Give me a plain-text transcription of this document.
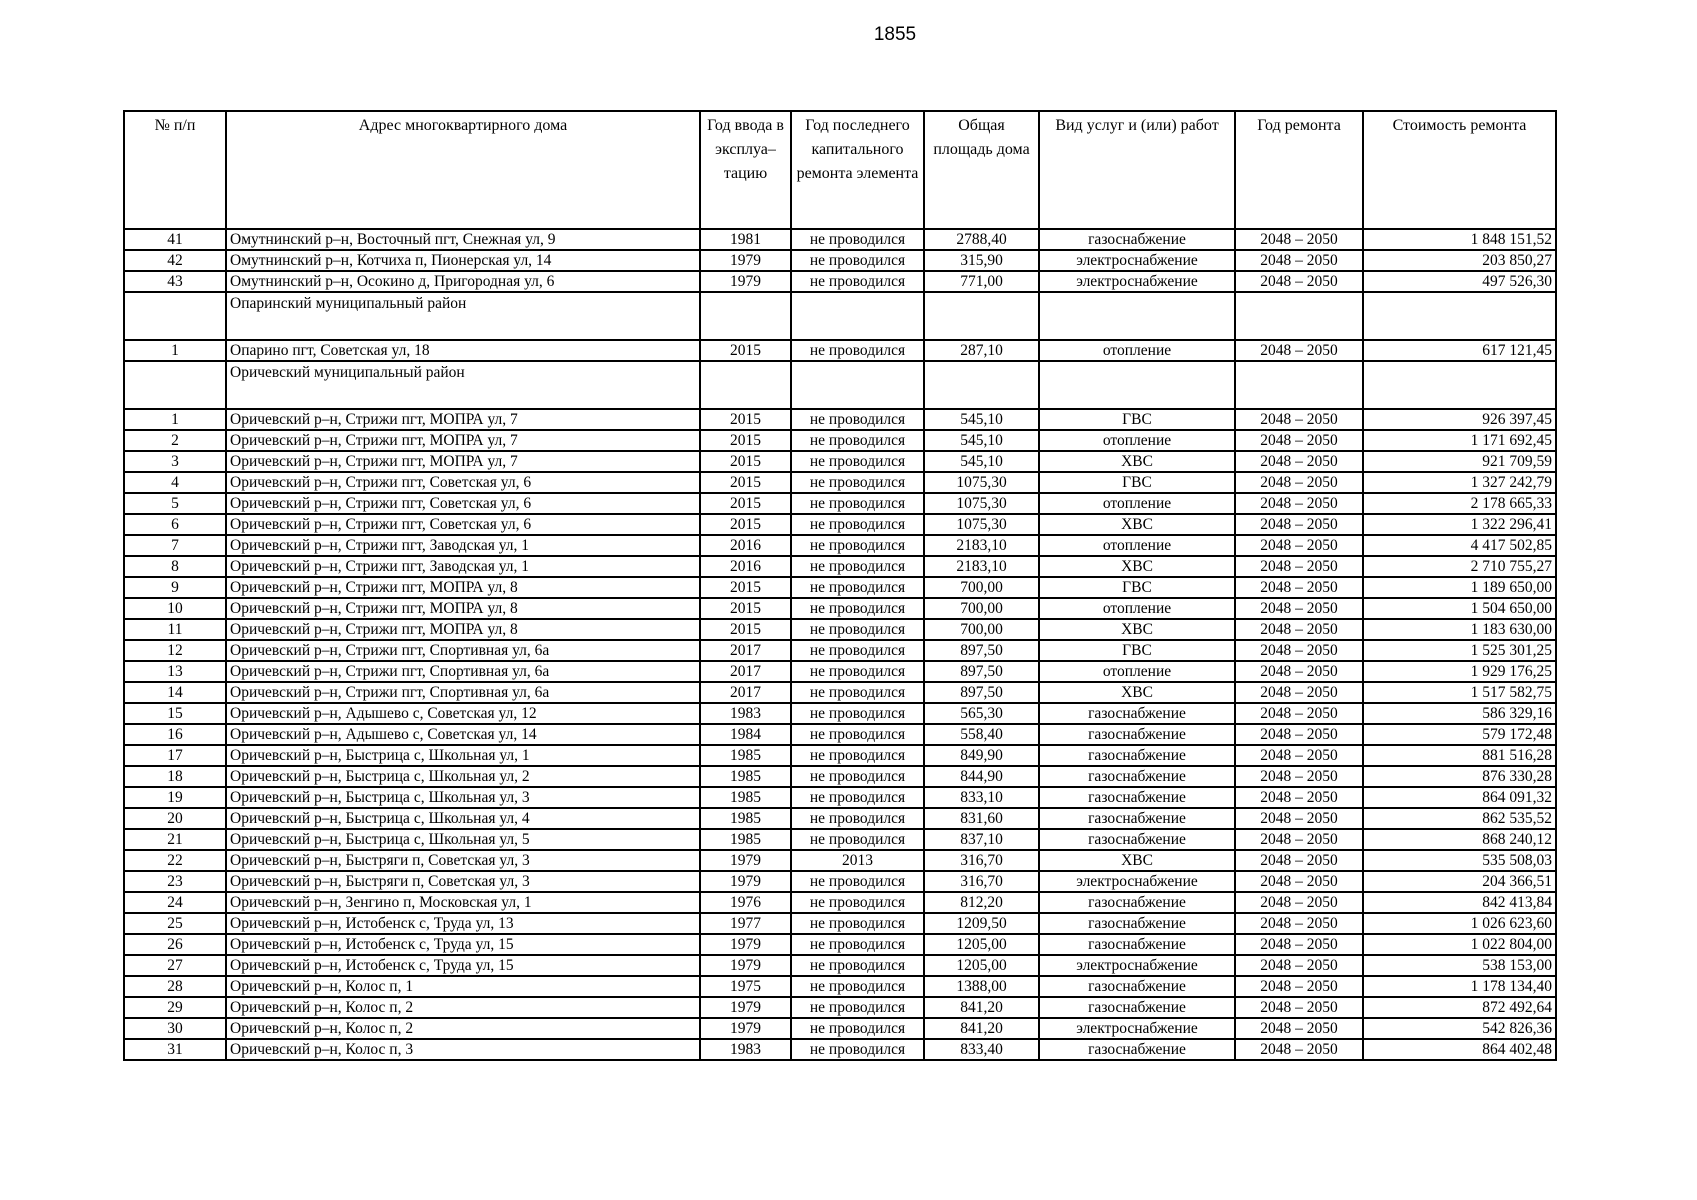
1855
№ п/п	Адрес многоквартирного дома	Год ввода в эксплуа–тацию	Год последнего капитального ремонта элемента	Общая площадь дома	Вид услуг и (или) работ	Год ремонта	Стоимость ремонта
41	Омутнинский р–н, Восточный пгт, Снежная ул, 9	1981	не проводился	2788,40	газоснабжение	2048 – 2050	1 848 151,52
42	Омутнинский р–н, Котчиха п, Пионерская ул, 14	1979	не проводился	315,90	электроснабжение	2048 – 2050	203 850,27
43	Омутнинский р–н, Осокино д, Пригородная ул, 6	1979	не проводился	771,00	электроснабжение	2048 – 2050	497 526,30
	Опаринский муниципальный район						
1	Опарино пгт, Советская ул, 18	2015	не проводился	287,10	отопление	2048 – 2050	617 121,45
	Оричевский муниципальный район						
1	Оричевский р–н, Стрижи пгт, МОПРА ул, 7	2015	не проводился	545,10	ГВС	2048 – 2050	926 397,45
2	Оричевский р–н, Стрижи пгт, МОПРА ул, 7	2015	не проводился	545,10	отопление	2048 – 2050	1 171 692,45
3	Оричевский р–н, Стрижи пгт, МОПРА ул, 7	2015	не проводился	545,10	ХВС	2048 – 2050	921 709,59
4	Оричевский р–н, Стрижи пгт, Советская ул, 6	2015	не проводился	1075,30	ГВС	2048 – 2050	1 327 242,79
5	Оричевский р–н, Стрижи пгт, Советская ул, 6	2015	не проводился	1075,30	отопление	2048 – 2050	2 178 665,33
6	Оричевский р–н, Стрижи пгт, Советская ул, 6	2015	не проводился	1075,30	ХВС	2048 – 2050	1 322 296,41
7	Оричевский р–н, Стрижи пгт, Заводская ул, 1	2016	не проводился	2183,10	отопление	2048 – 2050	4 417 502,85
8	Оричевский р–н, Стрижи пгт, Заводская ул, 1	2016	не проводился	2183,10	ХВС	2048 – 2050	2 710 755,27
9	Оричевский р–н, Стрижи пгт, МОПРА ул, 8	2015	не проводился	700,00	ГВС	2048 – 2050	1 189 650,00
10	Оричевский р–н, Стрижи пгт, МОПРА ул, 8	2015	не проводился	700,00	отопление	2048 – 2050	1 504 650,00
11	Оричевский р–н, Стрижи пгт, МОПРА ул, 8	2015	не проводился	700,00	ХВС	2048 – 2050	1 183 630,00
12	Оричевский р–н, Стрижи пгт, Спортивная ул, 6а	2017	не проводился	897,50	ГВС	2048 – 2050	1 525 301,25
13	Оричевский р–н, Стрижи пгт, Спортивная ул, 6а	2017	не проводился	897,50	отопление	2048 – 2050	1 929 176,25
14	Оричевский р–н, Стрижи пгт, Спортивная ул, 6а	2017	не проводился	897,50	ХВС	2048 – 2050	1 517 582,75
15	Оричевский р–н, Адышево с, Советская ул, 12	1983	не проводился	565,30	газоснабжение	2048 – 2050	586 329,16
16	Оричевский р–н, Адышево с, Советская ул, 14	1984	не проводился	558,40	газоснабжение	2048 – 2050	579 172,48
17	Оричевский р–н, Быстрица с, Школьная ул, 1	1985	не проводился	849,90	газоснабжение	2048 – 2050	881 516,28
18	Оричевский р–н, Быстрица с, Школьная ул, 2	1985	не проводился	844,90	газоснабжение	2048 – 2050	876 330,28
19	Оричевский р–н, Быстрица с, Школьная ул, 3	1985	не проводился	833,10	газоснабжение	2048 – 2050	864 091,32
20	Оричевский р–н, Быстрица с, Школьная ул, 4	1985	не проводился	831,60	газоснабжение	2048 – 2050	862 535,52
21	Оричевский р–н, Быстрица с, Школьная ул, 5	1985	не проводился	837,10	газоснабжение	2048 – 2050	868 240,12
22	Оричевский р–н, Быстряги п, Советская ул, 3	1979	2013	316,70	ХВС	2048 – 2050	535 508,03
23	Оричевский р–н, Быстряги п, Советская ул, 3	1979	не проводился	316,70	электроснабжение	2048 – 2050	204 366,51
24	Оричевский р–н, Зенгино п, Московская ул, 1	1976	не проводился	812,20	газоснабжение	2048 – 2050	842 413,84
25	Оричевский р–н, Истобенск с, Труда ул, 13	1977	не проводился	1209,50	газоснабжение	2048 – 2050	1 026 623,60
26	Оричевский р–н, Истобенск с, Труда ул, 15	1979	не проводился	1205,00	газоснабжение	2048 – 2050	1 022 804,00
27	Оричевский р–н, Истобенск с, Труда ул, 15	1979	не проводился	1205,00	электроснабжение	2048 – 2050	538 153,00
28	Оричевский р–н, Колос п, 1	1975	не проводился	1388,00	газоснабжение	2048 – 2050	1 178 134,40
29	Оричевский р–н, Колос п, 2	1979	не проводился	841,20	газоснабжение	2048 – 2050	872 492,64
30	Оричевский р–н, Колос п, 2	1979	не проводился	841,20	электроснабжение	2048 – 2050	542 826,36
31	Оричевский р–н, Колос п, 3	1983	не проводился	833,40	газоснабжение	2048 – 2050	864 402,48
